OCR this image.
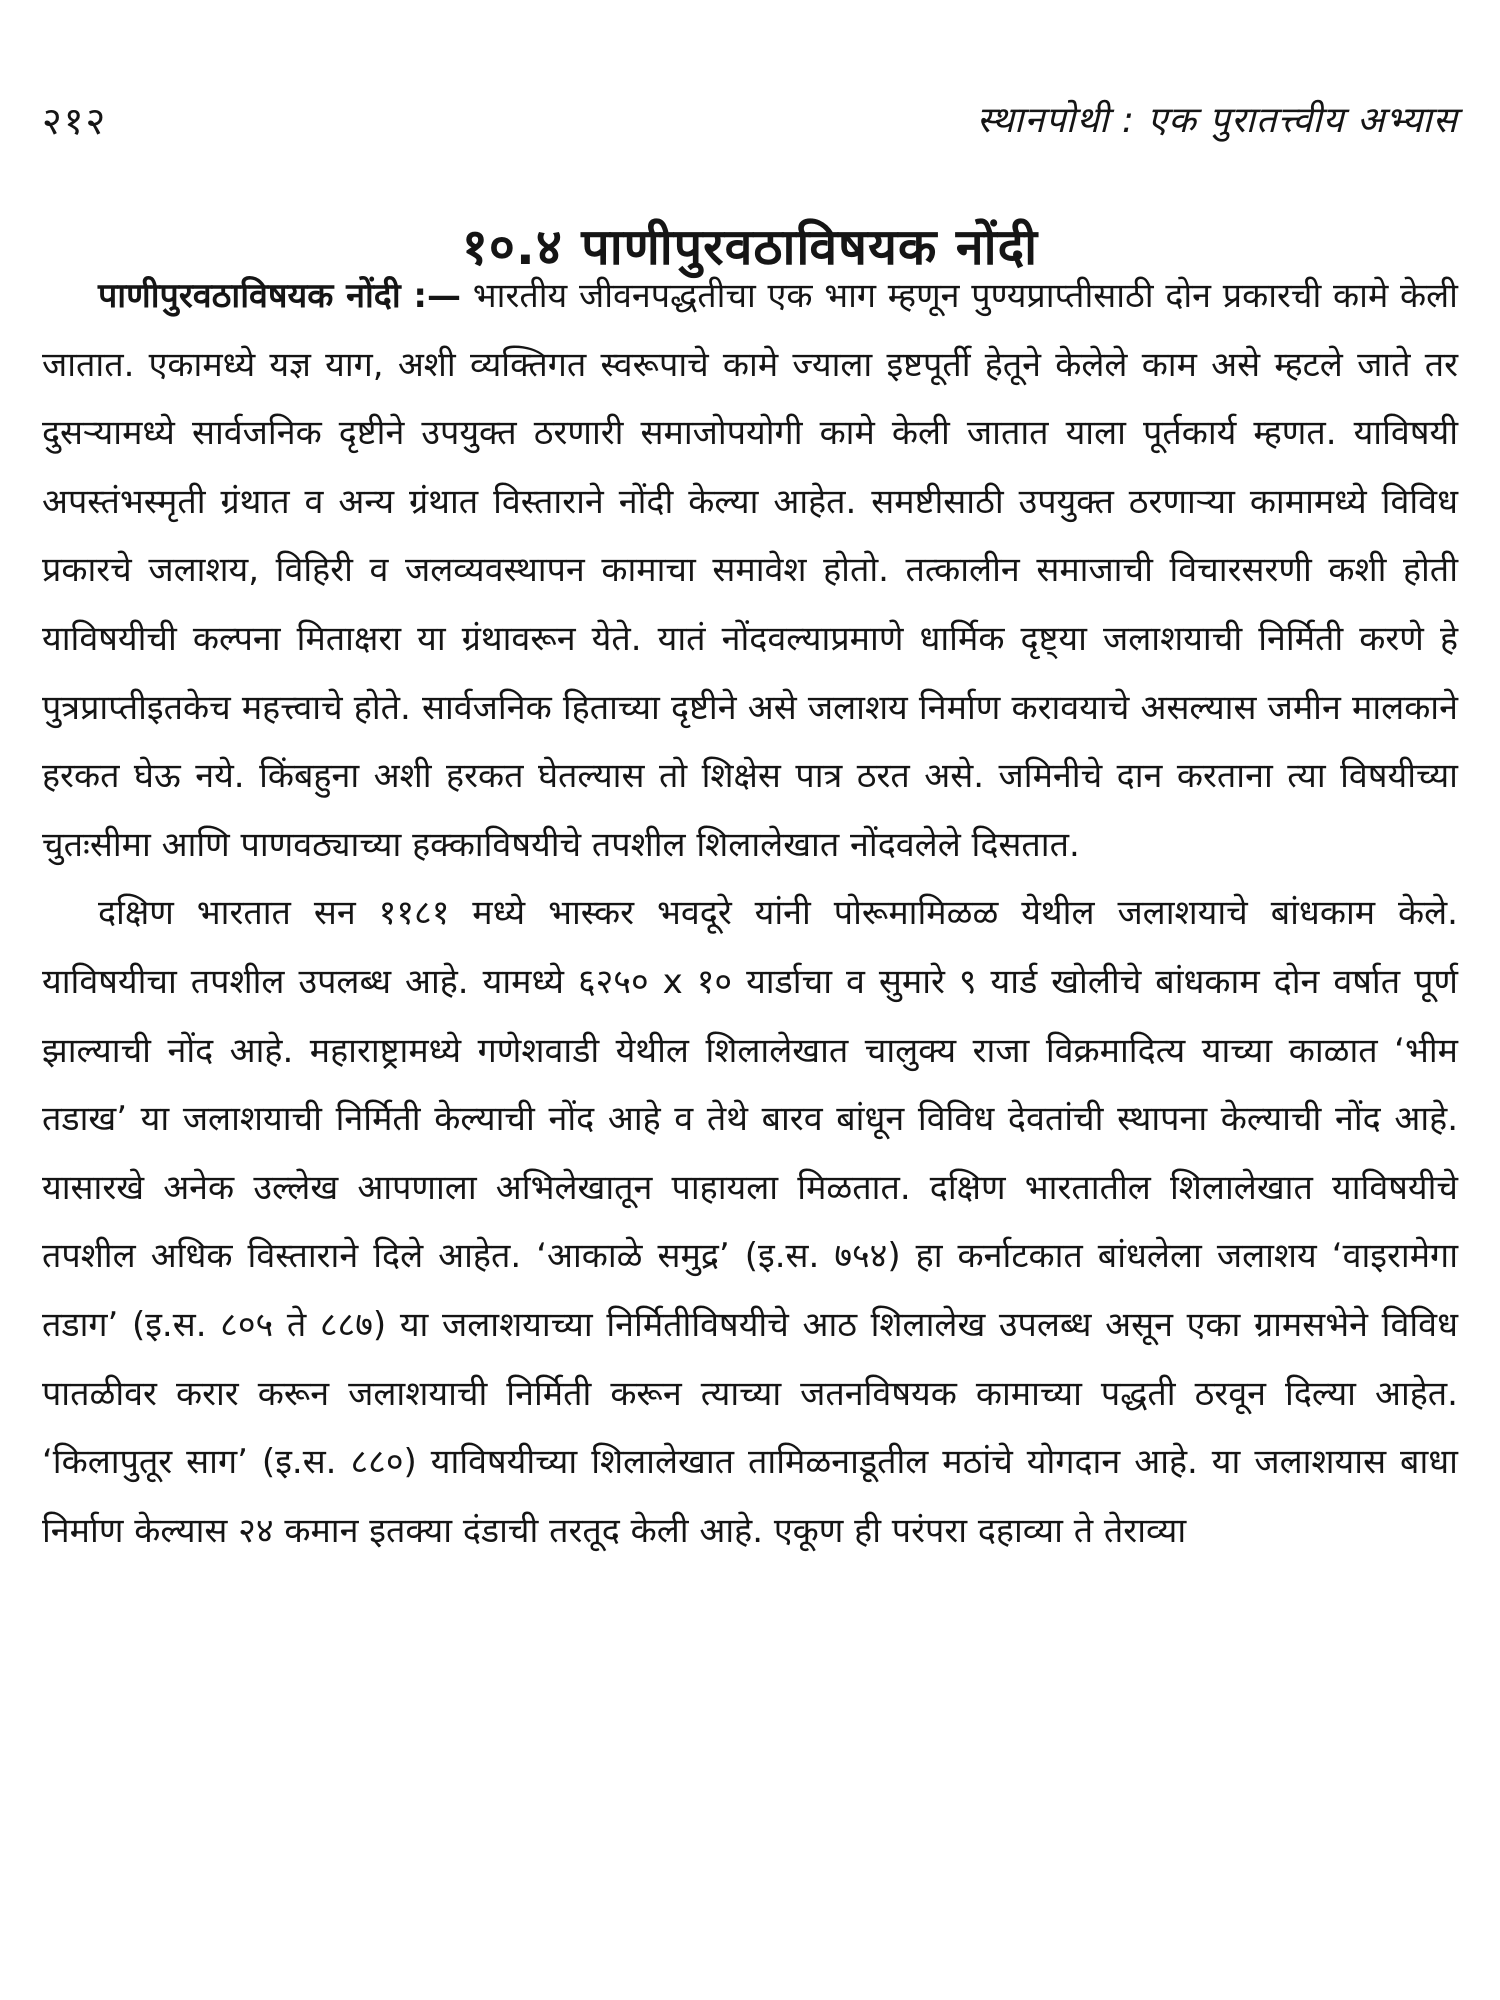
२१२	स्थानपोथी : एक पुरातत्त्वीय अभ्यास
१०.४ पाणीपुरवठाविषयक नोंदी

पाणीपुरवठाविषयक नोंदी :— भारतीय जीवनपद्धतीचा एक भाग म्हणून पुण्यप्राप्तीसाठी दोन प्रकारची कामे केली जातात. एकामध्ये यज्ञ याग, अशी व्यक्तिगत स्वरूपाचे कामे ज्याला इष्टपूर्ती हेतूने केलेले काम असे म्हटले जाते तर दुसऱ्यामध्ये सार्वजनिक दृष्टीने उपयुक्त ठरणारी समाजोपयोगी कामे केली जातात याला पूर्तकार्य म्हणत. याविषयी अपस्तंभस्मृती ग्रंथात व अन्य ग्रंथात विस्ताराने नोंदी केल्या आहेत. समष्टीसाठी उपयुक्त ठरणाऱ्या कामामध्ये विविध प्रकारचे जलाशय, विहिरी व जलव्यवस्थापन कामाचा समावेश होतो. तत्कालीन समाजाची विचारसरणी कशी होती याविषयीची कल्पना मिताक्षरा या ग्रंथावरून येते. यातं नोंदवल्याप्रमाणे धार्मिक दृष्ट्या जलाशयाची निर्मिती करणे हे पुत्रप्राप्तीइतकेच महत्त्वाचे होते. सार्वजनिक हिताच्या दृष्टीने असे जलाशय निर्माण करावयाचे असल्यास जमीन मालकाने हरकत घेऊ नये. किंबहुना अशी हरकत घेतल्यास तो शिक्षेस पात्र ठरत असे. जमिनीचे दान करताना त्या विषयीच्या चुतःसीमा आणि पाणवठ्याच्या हक्काविषयीचे तपशील शिलालेखात नोंदवलेले दिसतात.

दक्षिण भारतात सन ११८१ मध्ये भास्कर भवदूरे यांनी पोरूमामिळळ येथील जलाशयाचे बांधकाम केले. याविषयीचा तपशील उपलब्ध आहे. यामध्ये ६२५० x १० यार्डाचा व सुमारे ९ यार्ड खोलीचे बांधकाम दोन वर्षात पूर्ण झाल्याची नोंद आहे. महाराष्ट्रामध्ये गणेशवाडी येथील शिलालेखात चालुक्य राजा विक्रमादित्य याच्या काळात ‘भीम तडाख’ या जलाशयाची निर्मिती केल्याची नोंद आहे व तेथे बारव बांधून विविध देवतांची स्थापना केल्याची नोंद आहे. यासारखे अनेक उल्लेख आपणाला अभिलेखातून पाहायला मिळतात. दक्षिण भारतातील शिलालेखात याविषयीचे तपशील अधिक विस्ताराने दिले आहेत. ‘आकाळे समुद्र’ (इ.स. ७५४) हा कर्नाटकात बांधलेला जलाशय ‘वाइरामेगा तडाग’ (इ.स. ८०५ ते ८८७) या जलाशयाच्या निर्मितीविषयीचे आठ शिलालेख उपलब्ध असून एका ग्रामसभेने विविध पातळीवर करार करून जलाशयाची निर्मिती करून त्याच्या जतनविषयक कामाच्या पद्धती ठरवून दिल्या आहेत. ‘किलापुतूर साग’ (इ.स. ८८०) याविषयीच्या शिलालेखात तामिळनाडूतील मठांचे योगदान आहे. या जलाशयास बाधा निर्माण केल्यास २४ कमान इतक्या दंडाची तरतूद केली आहे. एकूण ही परंपरा दहाव्या ते तेराव्या
